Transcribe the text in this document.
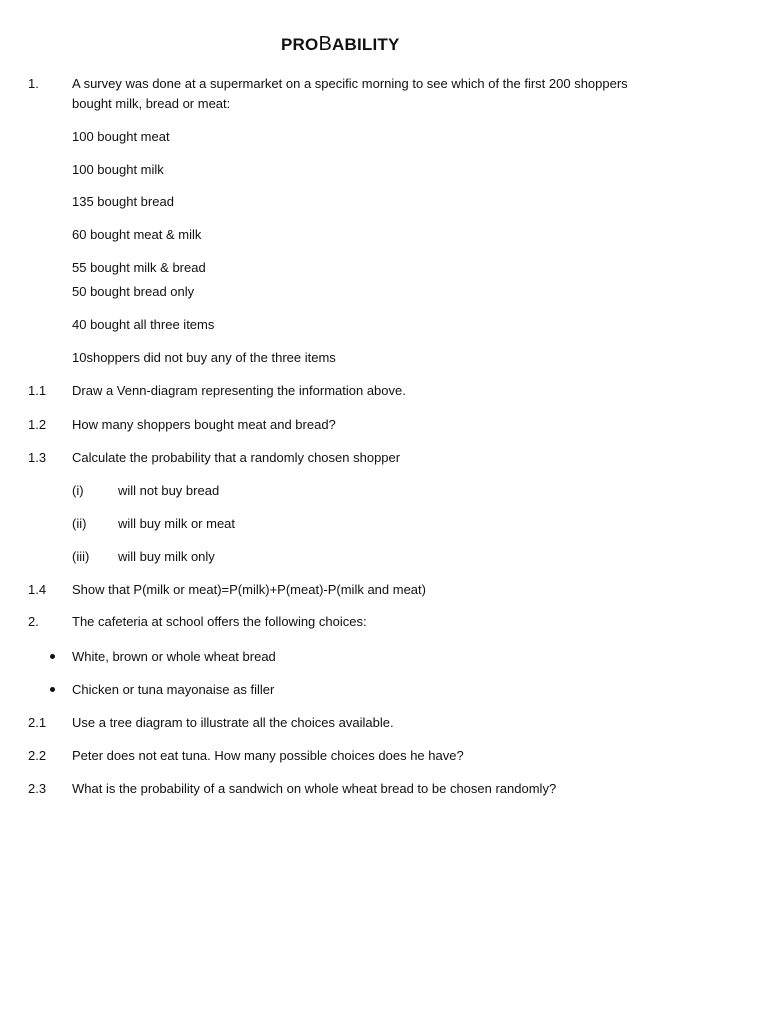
PROBABILITY
1.	A survey was done at a supermarket on a specific morning to see which of the first 200 shoppers
bought milk, bread or meat:
100 bought meat
100 bought milk
135 bought bread
60 bought meat & milk
55 bought milk & bread
50 bought bread only
40 bought all three items
10shoppers did not buy any of the three items
1.1 Draw a Venn-diagram representing the information above.
1.2 How many shoppers bought meat and bread?
1.3 Calculate the probability that a randomly chosen shopper
(i)	will not buy bread
(ii) will buy milk or meat
(iii) will buy milk only
1.4 Show that P(milk or meat)=P(milk)+P(meat)-P(milk and meat)
2.	The cafeteria at school offers the following choices:
White, brown or whole wheat bread
Chicken or tuna mayonaise as filler
2.1 Use a tree diagram to illustrate all the choices available.
2.2 Peter does not eat tuna. How many possible choices does he have?
2.3 What is the probability of a sandwich on whole wheat bread to be chosen randomly?
